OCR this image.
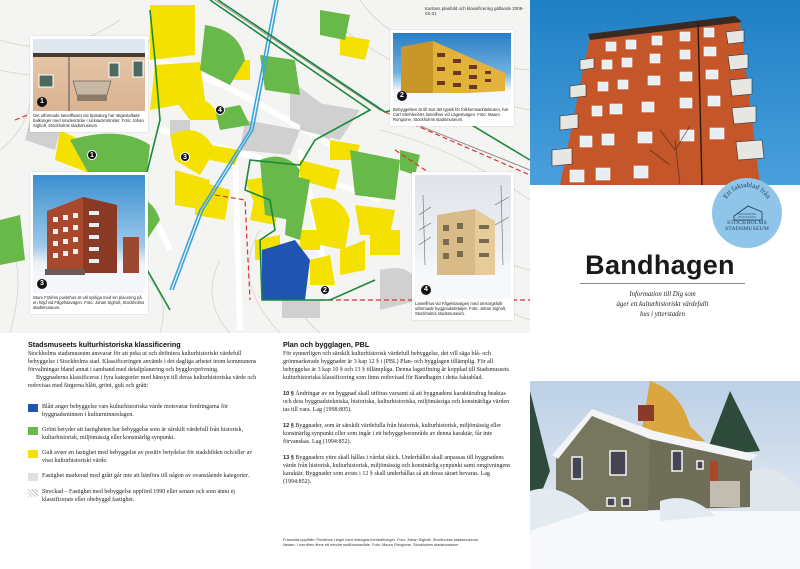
Kartans planbild och klassificering gällande 2006-03-31
1
2
3
4
1
Det utformade lamellhuset vid Spisatorg har rätgestaltade balkonger med smidesräcke i sicksackmönster. Foto: Johan Sigholt, Stockholms stadsmuseum.
2
Bebyggelsen är till stor del typisk för folkhemsarkitekturen, här Carl Strehlenerts lamellhus vid Lägestvägen. Foto: Mauro Rongione, Stockholms stadsmuseum.
3
Sture Fröléns punkthus är väl synliga med sin placering på en höjd vid Fågelstavägen. Foto: Johan Sigholt, Stockholms stadsmuseum.
4
Lamellhus vid Fågelstavägen med omsorgsfullt utformade byggnadsdetaljer. Foto: Johan Sigholt, Stockholms stadsmuseum.
Stadsmuseets kulturhistoriska klassificering

Stockholms stadsmuseum ansvarar för att peka ut och definiera kulturhistoriskt värdefull bebyggelse i Stockholms stad. Klassificeringen används i det dagliga arbetet inom kommunens förvaltningar bland annat i samband med detaljplanering och bygglovprövning.

Byggnaderna klassificeras i fyra kategorier med hänsyn till deras kulturhistoriska värde och redovisas med färgerna blått, grönt, gult och grått:

Blått anger bebyggelse vars kulturhistoriska värde motsvarar fordringarna för byggnadsminnen i kulturminneslagen.

Grönt betyder att fastigheten har bebyggelse som är särskilt värdefull från historisk, kulturhistorisk, miljömässig eller konstnärlig synpunkt.

Gult avser en fastighet med bebyggelse av positiv betydelse för stadsbilden och/eller av visst kulturhistoriskt värde.

Fastighet markerad med grått går inte att hänföra till någon av ovanstående kategorier.

Streckad – Fastighet med bebyggelse uppförd 1990 eller senare och som ännu ej klassificerats eller obebyggd fastighet.

Plan och bygglagen, PBL

För synnerligen och särskilt kulturhistorisk värdefull bebyggelse, det vill säga blå- och grönmarkerade byggnader är 3 kap 12 § i (PBL) Plan- och bygglagen tillämplig. För all bebyggelse är 3 kap 10 § och 13 § tillämpliga. Denna lagstiftning är kopplad till Stadsmuseets kulturhistoriska klassificering som finns redovisad för Bandhagen i detta faktablad.

10 § Ändringar av en byggnad skall utföras varsamt så att byggnadens karaktärsdrag beaktas och dess byggnadstekniska, historiska, kulturhistoriska, miljömässiga och konstnärliga värden tas till vara. Lag (1998:805).
12 § Byggnader, som är särskilt värdefulla från historisk, kulturhistorisk, miljömässig eller konstnärlig synpunkt eller som ingår i ett bebyggelseområde av denna karaktär, får inte förvanskas. Lag (1994:852).
13 § Byggnaders yttre skall hållas i vårdat skick. Underhållet skall anpassas till byggnadens värde från historisk, kulturhistorisk, miljömässig och konstnärlig synpunkt samt omgivningens karaktär. Byggnader som avses i 12 § skall underhållas så att deras särart bevaras. Lag (1994:852).
Framsida uppifrån: Punkthus i tegel med indragna hörnbalkonger. Foto: Johan Sigholt, Stockholms stadsmuseum.
Nedan: I norrdöen finns ett mindre småhusområde. Foto: Mauro Rongione, Stockholms stadsmuseum.
Ett faktablad från
STOCKHOLMS
STADSMUSEUM
Bandhagen
Information till Dig som
äger ett kulturhistoriskt värdefullt
hus i ytterstaden
